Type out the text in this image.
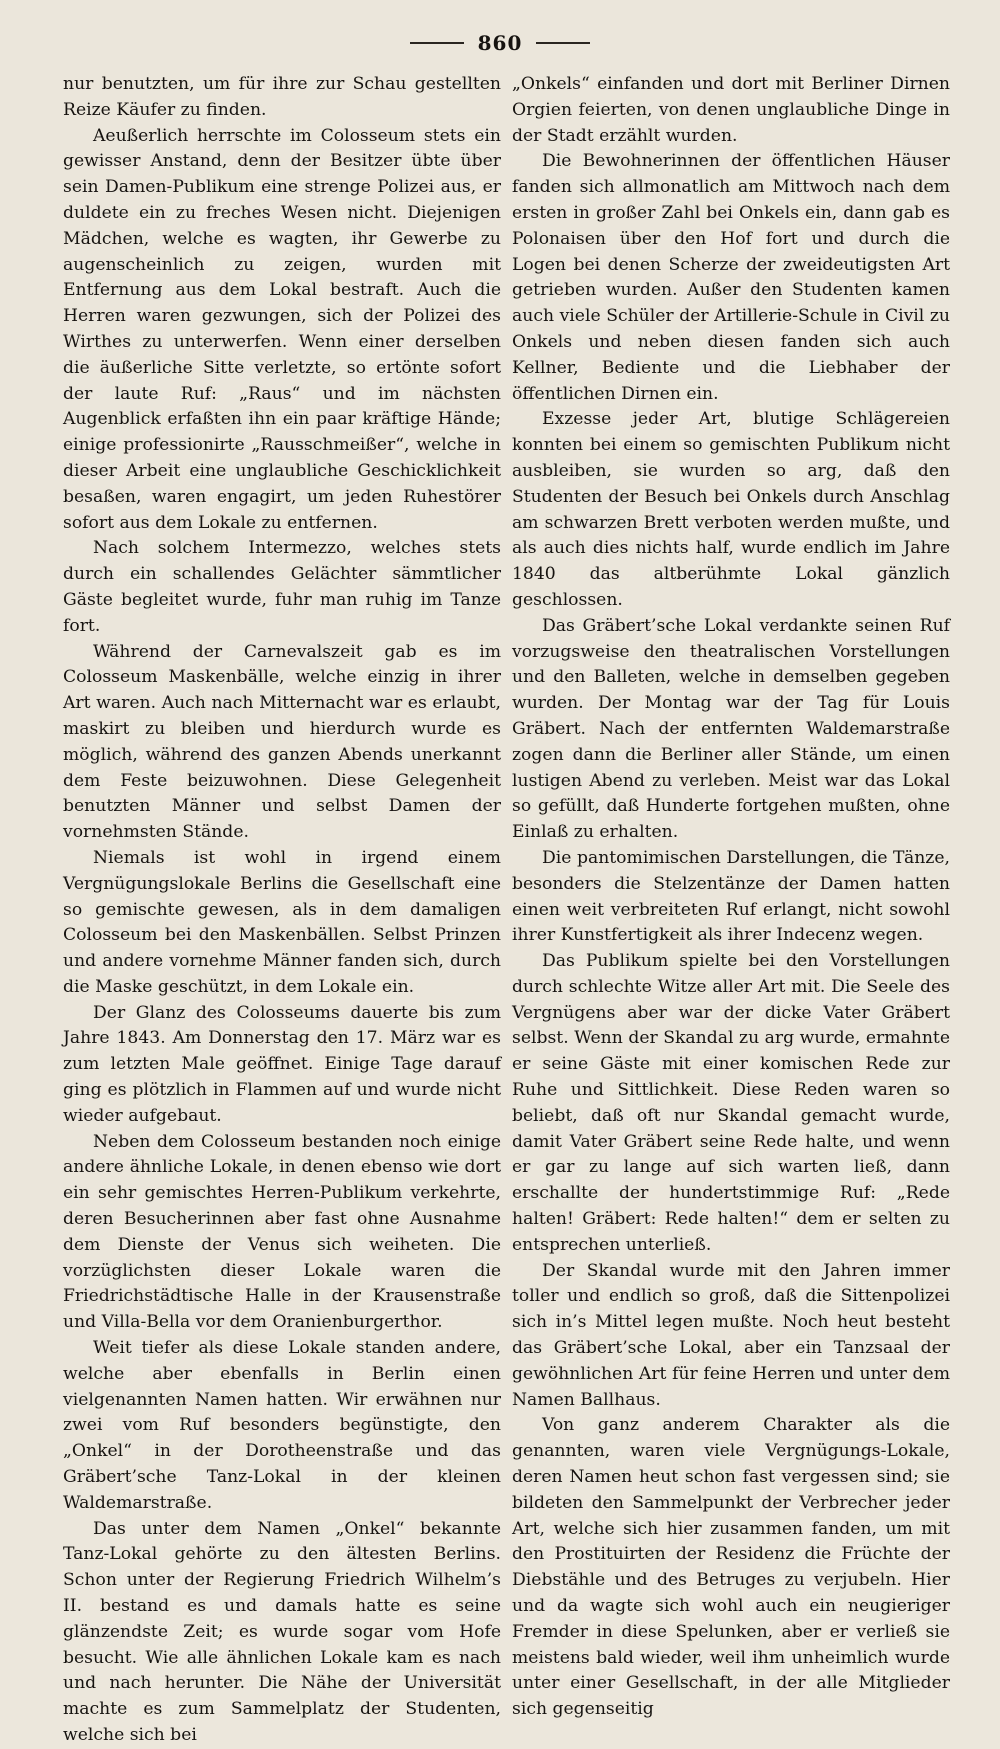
860

nur benutzten, um für ihre zur Schau gestellten Reize Käufer zu finden.

Aeußerlich herrschte im Colosseum stets ein gewisser Anstand, denn der Besitzer übte über sein Damen-Publikum eine strenge Polizei aus, er duldete ein zu freches Wesen nicht. Diejenigen Mädchen, welche es wagten, ihr Gewerbe zu augenscheinlich zu zeigen, wurden mit Entfernung aus dem Lokal bestraft. Auch die Herren waren gezwungen, sich der Polizei des Wirthes zu unterwerfen. Wenn einer derselben die äußerliche Sitte verletzte, so ertönte sofort der laute Ruf: „Raus“ und im nächsten Augenblick erfaßten ihn ein paar kräftige Hände; einige professionirte „Rausschmeißer“, welche in dieser Arbeit eine unglaubliche Geschicklichkeit besaßen, waren engagirt, um jeden Ruhestörer sofort aus dem Lokale zu entfernen.

Nach solchem Intermezzo, welches stets durch ein schallendes Gelächter sämmtlicher Gäste begleitet wurde, fuhr man ruhig im Tanze fort.

Während der Carnevalszeit gab es im Colosseum Maskenbälle, welche einzig in ihrer Art waren. Auch nach Mitternacht war es erlaubt, maskirt zu bleiben und hierdurch wurde es möglich, während des ganzen Abends unerkannt dem Feste beizuwohnen. Diese Gelegenheit benutzten Männer und selbst Damen der vornehmsten Stände.

Niemals ist wohl in irgend einem Vergnügungslokale Berlins die Gesellschaft eine so gemischte gewesen, als in dem damaligen Colosseum bei den Maskenbällen. Selbst Prinzen und andere vornehme Männer fanden sich, durch die Maske geschützt, in dem Lokale ein.

Der Glanz des Colosseums dauerte bis zum Jahre 1843. Am Donnerstag den 17. März war es zum letzten Male geöffnet. Einige Tage darauf ging es plötzlich in Flammen auf und wurde nicht wieder aufgebaut.

Neben dem Colosseum bestanden noch einige andere ähnliche Lokale, in denen ebenso wie dort ein sehr gemischtes Herren-Publikum verkehrte, deren Besucherinnen aber fast ohne Ausnahme dem Dienste der Venus sich weiheten. Die vorzüglichsten dieser Lokale waren die Friedrichstädtische Halle in der Krausenstraße und Villa-Bella vor dem Oranienburgerthor.

Weit tiefer als diese Lokale standen andere, welche aber ebenfalls in Berlin einen vielgenannten Namen hatten. Wir erwähnen nur zwei vom Ruf besonders begünstigte, den „Onkel“ in der Dorotheenstraße und das Gräbert’sche Tanz-Lokal in der kleinen Waldemarstraße.

Das unter dem Namen „Onkel“ bekannte Tanz-Lokal gehörte zu den ältesten Berlins. Schon unter der Regierung Friedrich Wilhelm’s II. bestand es und damals hatte es seine glänzendste Zeit; es wurde sogar vom Hofe besucht. Wie alle ähnlichen Lokale kam es nach und nach herunter. Die Nähe der Universität machte es zum Sammelplatz der Studenten, welche sich bei

„Onkels“ einfanden und dort mit Berliner Dirnen Orgien feierten, von denen unglaubliche Dinge in der Stadt erzählt wurden.

Die Bewohnerinnen der öffentlichen Häuser fanden sich allmonatlich am Mittwoch nach dem ersten in großer Zahl bei Onkels ein, dann gab es Polonaisen über den Hof fort und durch die Logen bei denen Scherze der zweideutigsten Art getrieben wurden. Außer den Studenten kamen auch viele Schüler der Artillerie-Schule in Civil zu Onkels und neben diesen fanden sich auch Kellner, Bediente und die Liebhaber der öffentlichen Dirnen ein.

Exzesse jeder Art, blutige Schlägereien konnten bei einem so gemischten Publikum nicht ausbleiben, sie wurden so arg, daß den Studenten der Besuch bei Onkels durch Anschlag am schwarzen Brett verboten werden mußte, und als auch dies nichts half, wurde endlich im Jahre 1840 das altberühmte Lokal gänzlich geschlossen.

Das Gräbert’sche Lokal verdankte seinen Ruf vorzugsweise den theatralischen Vorstellungen und den Balleten, welche in demselben gegeben wurden. Der Montag war der Tag für Louis Gräbert. Nach der entfernten Waldemarstraße zogen dann die Berliner aller Stände, um einen lustigen Abend zu verleben. Meist war das Lokal so gefüllt, daß Hunderte fortgehen mußten, ohne Einlaß zu erhalten.

Die pantomimischen Darstellungen, die Tänze, besonders die Stelzentänze der Damen hatten einen weit verbreiteten Ruf erlangt, nicht sowohl ihrer Kunstfertigkeit als ihrer Indecenz wegen.

Das Publikum spielte bei den Vorstellungen durch schlechte Witze aller Art mit. Die Seele des Vergnügens aber war der dicke Vater Gräbert selbst. Wenn der Skandal zu arg wurde, ermahnte er seine Gäste mit einer komischen Rede zur Ruhe und Sittlichkeit. Diese Reden waren so beliebt, daß oft nur Skandal gemacht wurde, damit Vater Gräbert seine Rede halte, und wenn er gar zu lange auf sich warten ließ, dann erschallte der hundertstimmige Ruf: „Rede halten! Gräbert: Rede halten!“ dem er selten zu entsprechen unterließ.

Der Skandal wurde mit den Jahren immer toller und endlich so groß, daß die Sittenpolizei sich in’s Mittel legen mußte. Noch heut besteht das Gräbert’sche Lokal, aber ein Tanzsaal der gewöhnlichen Art für feine Herren und unter dem Namen Ballhaus.

Von ganz anderem Charakter als die genannten, waren viele Vergnügungs-Lokale, deren Namen heut schon fast vergessen sind; sie bildeten den Sammelpunkt der Verbrecher jeder Art, welche sich hier zusammen fanden, um mit den Prostituirten der Residenz die Früchte der Diebstähle und des Betruges zu verjubeln. Hier und da wagte sich wohl auch ein neugieriger Fremder in diese Spelunken, aber er verließ sie meistens bald wieder, weil ihm unheimlich wurde unter einer Gesellschaft, in der alle Mitglieder sich gegenseitig
